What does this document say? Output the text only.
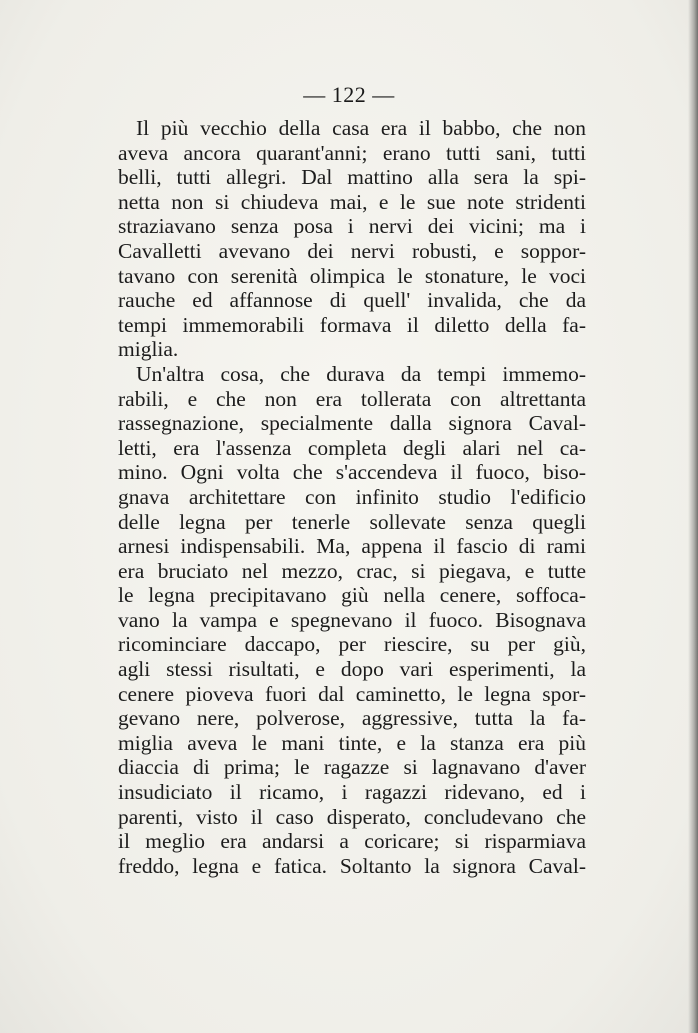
— 122 —
Il più vecchio della casa era il babbo, che non
aveva ancora quarant'anni; erano tutti sani, tutti
belli, tutti allegri. Dal mattino alla sera la spi-
netta non si chiudeva mai, e le sue note stridenti
straziavano senza posa i nervi dei vicini; ma i
Cavalletti avevano dei nervi robusti, e soppor-
tavano con serenità olimpica le stonature, le voci
rauche ed affannose di quell' invalida, che da
tempi immemorabili formava il diletto della fa-
miglia.
Un'altra cosa, che durava da tempi immemo-
rabili, e che non era tollerata con altrettanta
rassegnazione, specialmente dalla signora Caval-
letti, era l'assenza completa degli alari nel ca-
mino. Ogni volta che s'accendeva il fuoco, biso-
gnava architettare con infinito studio l'edificio
delle legna per tenerle sollevate senza quegli
arnesi indispensabili. Ma, appena il fascio di rami
era bruciato nel mezzo, crac, si piegava, e tutte
le legna precipitavano giù nella cenere, soffoca-
vano la vampa e spegnevano il fuoco. Bisognava
ricominciare daccapo, per riescire, su per giù,
agli stessi risultati, e dopo vari esperimenti, la
cenere pioveva fuori dal caminetto, le legna spor-
gevano nere, polverose, aggressive, tutta la fa-
miglia aveva le mani tinte, e la stanza era più
diaccia di prima; le ragazze si lagnavano d'aver
insudiciato il ricamo, i ragazzi ridevano, ed i
parenti, visto il caso disperato, concludevano che
il meglio era andarsi a coricare; si risparmiava
freddo, legna e fatica. Soltanto la signora Caval-
